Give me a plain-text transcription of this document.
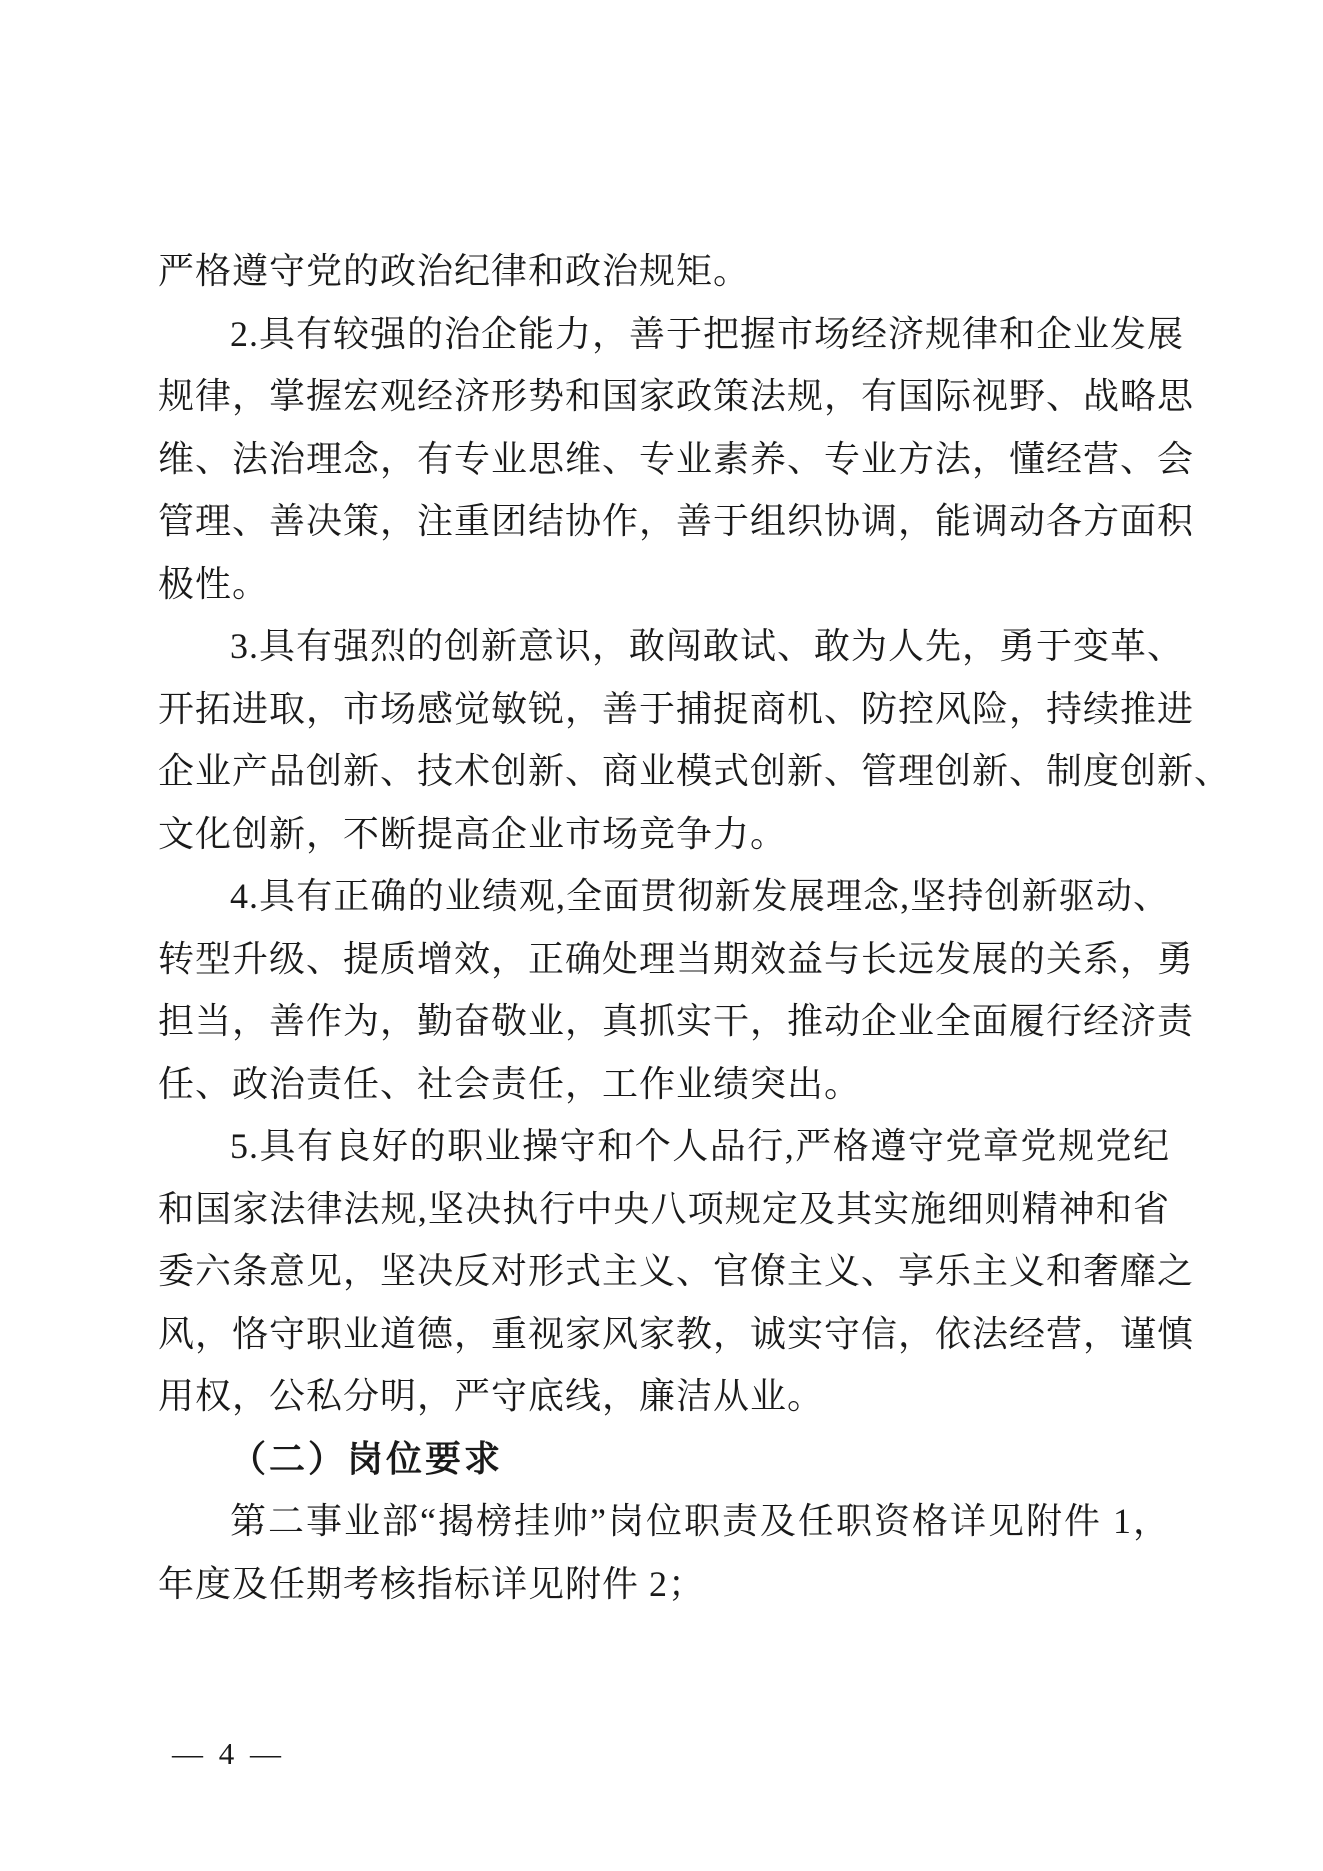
严格遵守党的政治纪律和政治规矩。
2.具有较强的治企能力，善于把握市场经济规律和企业发展
规律，掌握宏观经济形势和国家政策法规，有国际视野、战略思
维、法治理念，有专业思维、专业素养、专业方法，懂经营、会
管理、善决策，注重团结协作，善于组织协调，能调动各方面积
极性。
3.具有强烈的创新意识，敢闯敢试、敢为人先，勇于变革、
开拓进取，市场感觉敏锐，善于捕捉商机、防控风险，持续推进
企业产品创新、技术创新、商业模式创新、管理创新、制度创新、
文化创新，不断提高企业市场竞争力。
4.具有正确的业绩观,全面贯彻新发展理念,坚持创新驱动、
转型升级、提质增效，正确处理当期效益与长远发展的关系，勇
担当，善作为，勤奋敬业，真抓实干，推动企业全面履行经济责
任、政治责任、社会责任，工作业绩突出。
5.具有良好的职业操守和个人品行,严格遵守党章党规党纪
和国家法律法规,坚决执行中央八项规定及其实施细则精神和省
委六条意见，坚决反对形式主义、官僚主义、享乐主义和奢靡之
风，恪守职业道德，重视家风家教，诚实守信，依法经营，谨慎
用权，公私分明，严守底线，廉洁从业。
（二）岗位要求
第二事业部“揭榜挂帅”岗位职责及任职资格详见附件 1，
年度及任期考核指标详见附件 2；
— 4 —
